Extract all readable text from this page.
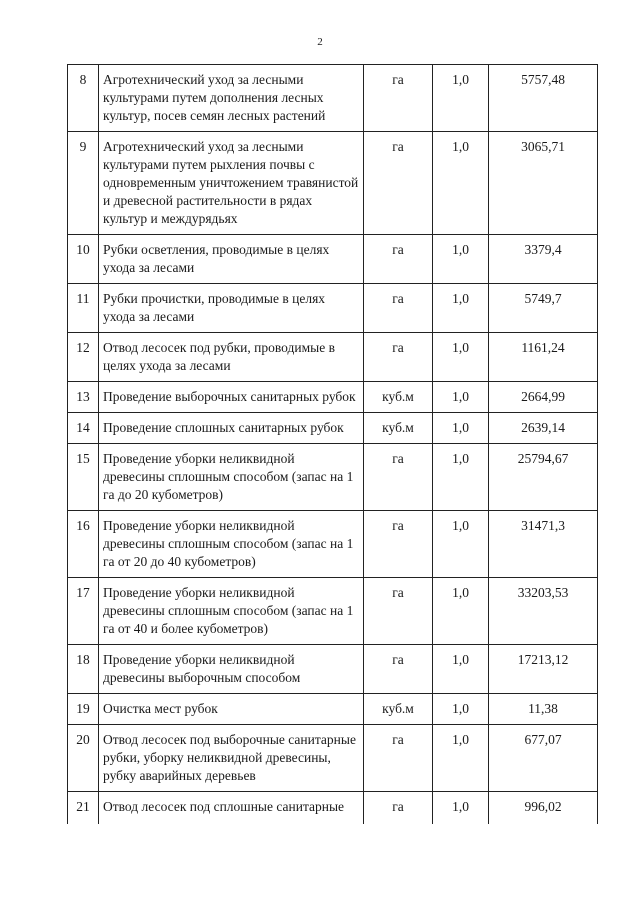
2
8	Агротехнический уход за лесными культурами путем дополнения лесных культур, посев семян лесных растений	га	1,0	5757,48
9	Агротехнический уход за лесными культурами путем рыхления почвы с одновременным уничтожением травянистой и древесной растительности в рядах культур и междурядьях	га	1,0	3065,71
10	Рубки осветления, проводимые в целях ухода за лесами	га	1,0	3379,4
11	Рубки прочистки, проводимые в целях ухода за лесами	га	1,0	5749,7
12	Отвод лесосек под рубки, проводимые в целях ухода за лесами	га	1,0	1161,24
13	Проведение выборочных санитарных рубок	куб.м	1,0	2664,99
14	Проведение сплошных санитарных рубок	куб.м	1,0	2639,14
15	Проведение уборки неликвидной древесины сплошным способом (запас на 1 га до 20 кубометров)	га	1,0	25794,67
16	Проведение уборки неликвидной древесины сплошным способом (запас на 1 га от 20 до 40 кубометров)	га	1,0	31471,3
17	Проведение уборки неликвидной древесины сплошным способом (запас на 1 га от 40 и более кубометров)	га	1,0	33203,53
18	Проведение уборки неликвидной древесины выборочным способом	га	1,0	17213,12
19	Очистка мест рубок	куб.м	1,0	11,38
20	Отвод лесосек под выборочные санитарные рубки, уборку неликвидной древесины, рубку аварийных деревьев	га	1,0	677,07
21	Отвод лесосек под сплошные санитарные	га	1,0	996,02
